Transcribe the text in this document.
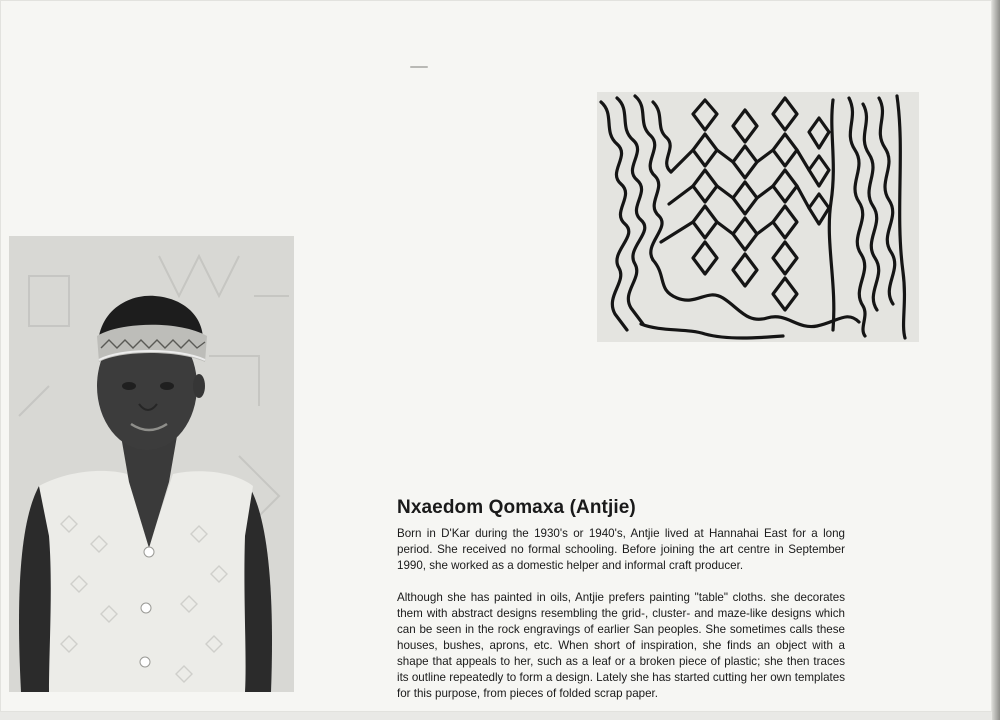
Nxaedom Qomaxa (Antjie)

Born in D'Kar during the 1930's or 1940's, Antjie lived at Hannahai East for a long period. She received no formal schooling. Before joining the art centre in September 1990, she worked as a domestic helper and informal craft producer.

Although she has painted in oils, Antjie prefers painting "table" cloths. she decorates them with abstract designs resembling the grid-, cluster- and maze-like designs which can be seen in the rock engravings of earlier San peoples. She sometimes calls these houses, bushes, aprons, etc. When short of inspiration, she finds an object with a shape that appeals to her, such as a leaf or a broken piece of plastic; she then traces its outline repeatedly to form a design. Lately she has started cutting her own templates for this purpose, from pieces of folded scrap paper.
